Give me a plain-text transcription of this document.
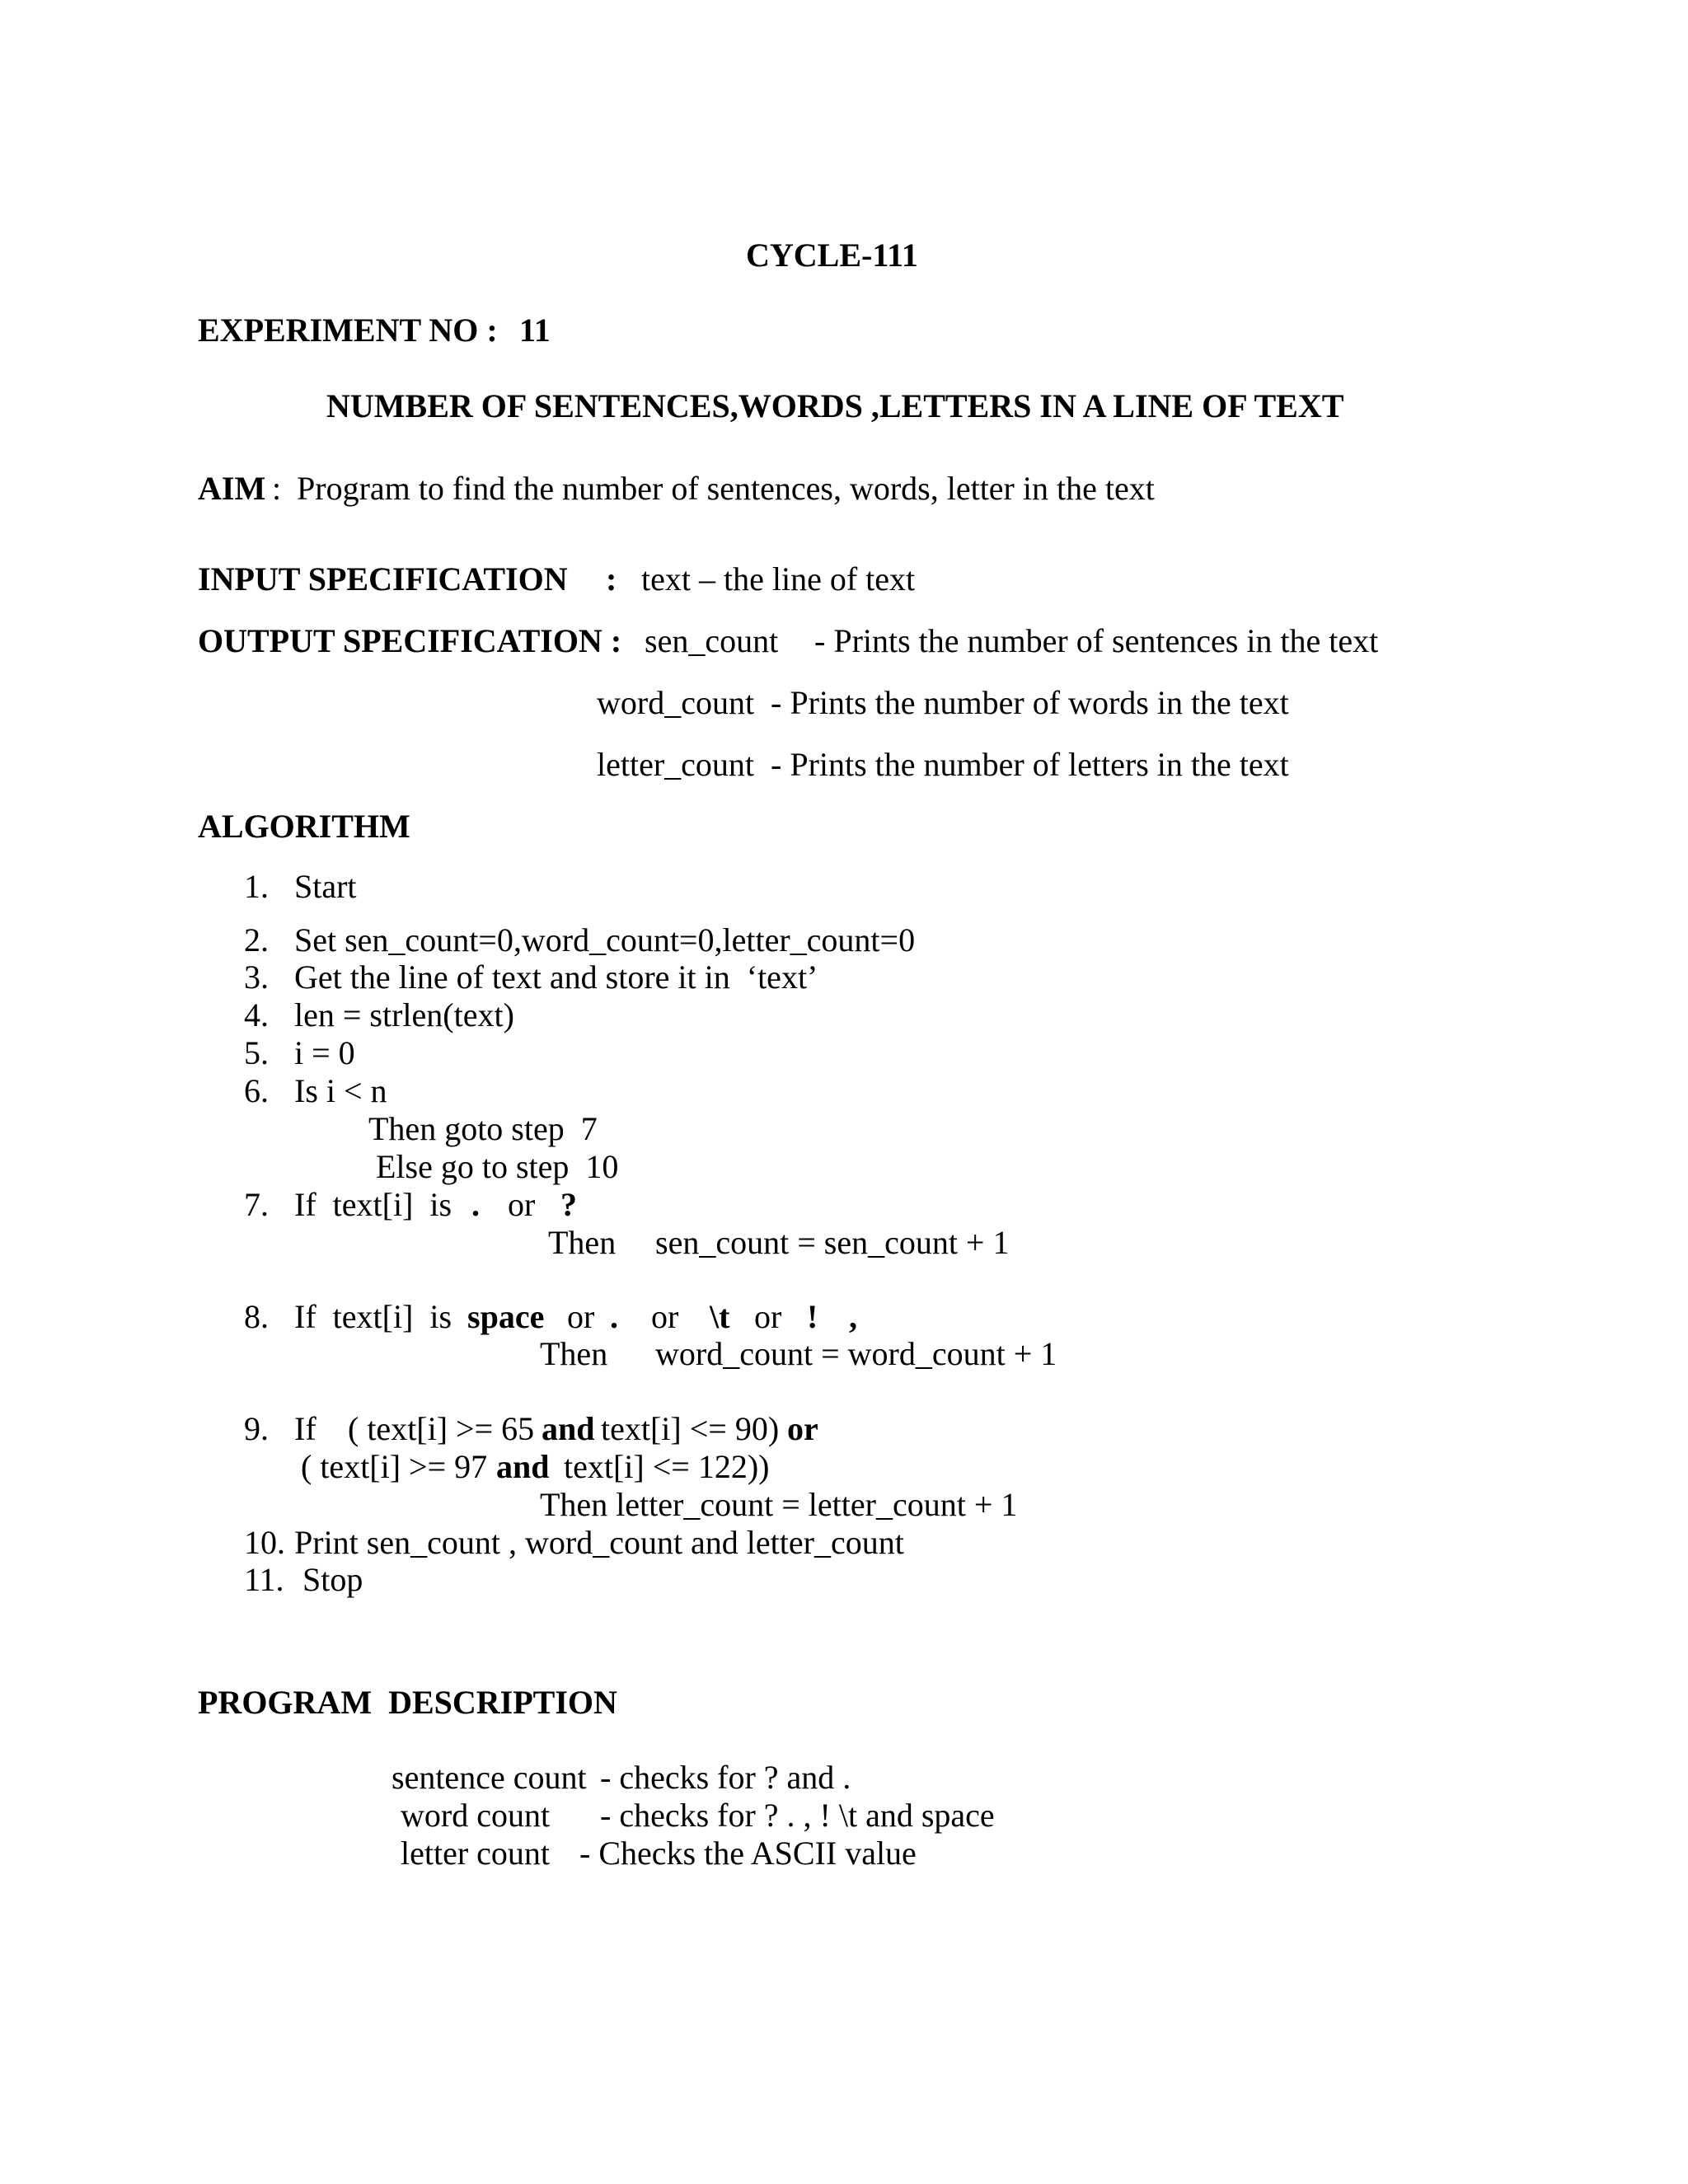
CYCLE-111
EXPERIMENT NO : 11
NUMBER OF SENTENCES,WORDS ,LETTERS IN A LINE OF TEXT
AIM : Program to find the number of sentences, words, letter in the text
INPUT SPECIFICATION : text – the line of text
OUTPUT SPECIFICATION : sen_count - Prints the number of sentences in the text
word_count - Prints the number of words in the text
letter_count - Prints the number of letters in the text
ALGORITHM
1. Start
2. Set sen_count=0,word_count=0,letter_count=0
3. Get the line of text and store it in  ‘text’
4. len = strlen(text)
5. i = 0
6. Is i < n
Then goto step  7
Else go to step  10
7. If  text[i]  is . or ?
Then sen_count = sen_count + 1
8. If  text[i]  is space or . or \t or ! ,
Then word_count = word_count + 1
9. If ( text[i] >= 65 and text[i] <= 90) or
( text[i] >= 97 and text[i] <= 122))
Then letter_count = letter_count + 1
10. Print sen_count , word_count and letter_count
11. Stop
PROGRAM  DESCRIPTION
sentence count - checks for ? and .
word count - checks for ? . , ! \t and space
letter count - Checks the ASCII value
